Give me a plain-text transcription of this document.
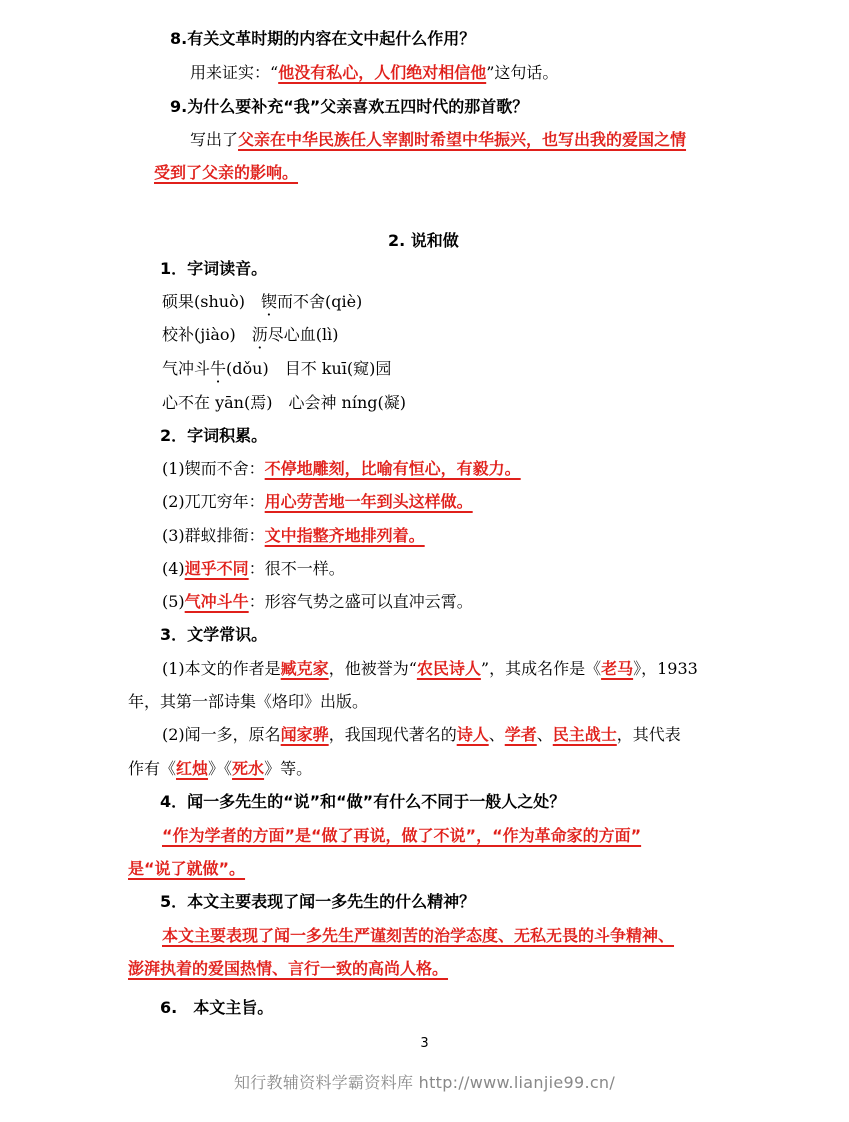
8.有关文革时期的内容在文中起什么作用？
用来证实：“他没有私心，人们绝对相信他”这句话。
9.为什么要补充“我”父亲喜欢五四时代的那首歌？
写出了父亲在中华民族任人宰割时希望中华振兴，也写出我的爱国之情
受到了父亲的影响。
2. 说和做
1．字词读音。
硕果(shuò)　锲而不舍(qiè)
校补(jiào)　沥尽心血(lì)
气冲斗牛(dǒu)　目不 kuī(窥)园
心不在 yān(焉)　心会神 níng(凝)
2．字词积累。
(1)锲而不舍：不停地雕刻，比喻有恒心，有毅力。
(2)兀兀穷年：用心劳苦地一年到头这样做。
(3)群蚁排衙：文中指整齐地排列着。
(4)迥乎不同：很不一样。
(5)气冲斗牛：形容气势之盛可以直冲云霄。
3．文学常识。
(1)本文的作者是臧克家，他被誉为“农民诗人”，其成名作是《老马》，1933
年，其第一部诗集《烙印》出版。
(2)闻一多，原名闻家骅，我国现代著名的诗人、学者、民主战士，其代表
作有《红烛》《死水》等。
4．闻一多先生的“说”和“做”有什么不同于一般人之处？
“作为学者的方面”是“做了再说，做了不说”，“作为革命家的方面”
是“说了就做”。
5．本文主要表现了闻一多先生的什么精神？
本文主要表现了闻一多先生严谨刻苦的治学态度、无私无畏的斗争精神、
澎湃执着的爱国热情、言行一致的高尚人格。
6.　本文主旨。
3
知行教辅资料学霸资料库 http://www.lianjie99.cn/
